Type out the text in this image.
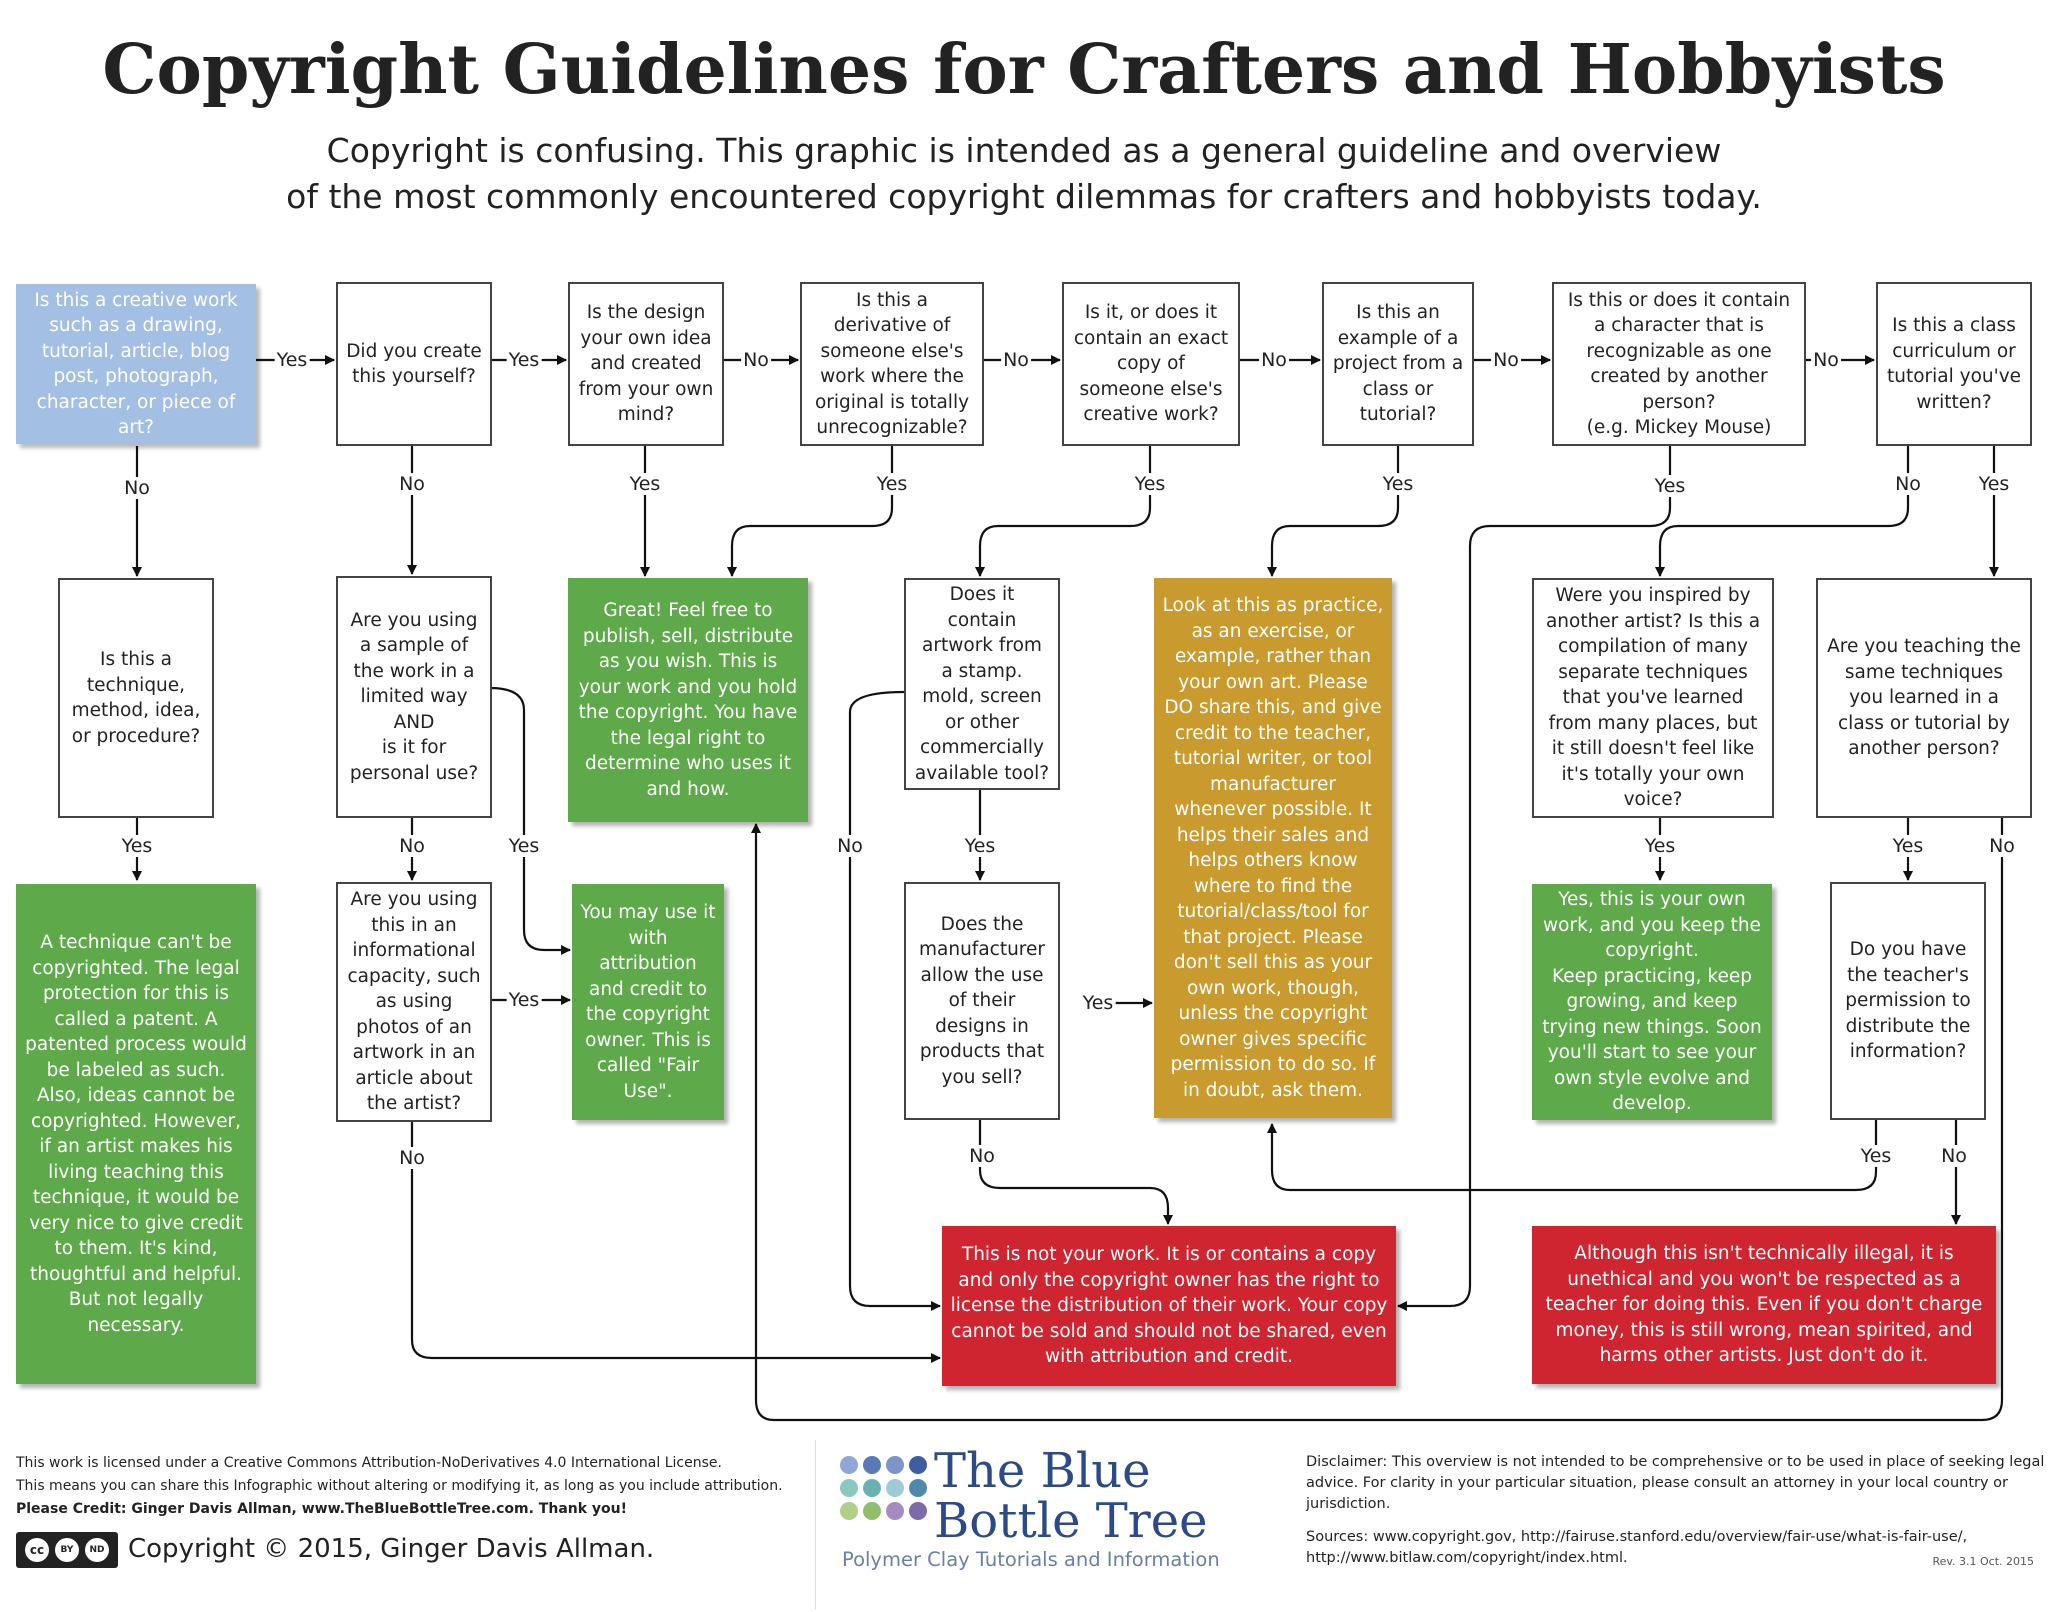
Copyright Guidelines for Crafters and Hobbyists
Copyright is confusing. This graphic is intended as a general guideline and overview
of the most commonly encountered copyright dilemmas for crafters and hobbyists today.
Is this a creative work such as a drawing, tutorial, article, blog post, photograph, character, or piece of art?
Did you create this yourself?
Is the design your own idea and created from your own mind?
Is this a derivative of someone else's work where the original is totally unrecognizable?
Is it, or does it contain an exact copy of someone else's creative work?
Is this an example of a project from a class or tutorial?
Is this or does it contain a character that is recognizable as one created by another person?
(e.g. Mickey Mouse)
Is this a class curriculum or tutorial you've written?
Is this a technique, method, idea, or procedure?
Are you using a sample of the work in a limited way
AND
is it for personal use?
Great! Feel free to publish, sell, distribute as you wish. This is your work and you hold the copyright. You have the legal right to determine who uses it and how.
Does it contain artwork from a stamp. mold, screen or other commercially available tool?
Look at this as practice, as an exercise, or example, rather than your own art. Please DO share this, and give credit to the teacher, tutorial writer, or tool manufacturer whenever possible. It helps their sales and helps others know where to find the tutorial/class/tool for that project. Please don't sell this as your own work, though, unless the copyright owner gives specific permission to do so. If in doubt, ask them.
Were you inspired by another artist? Is this a compilation of many separate techniques that you've learned from many places, but it still doesn't feel like it's totally your own voice?
Are you teaching the same techniques you learned in a class or tutorial by another person?
A technique can't be copyrighted. The legal protection for this is called a patent. A patented process would be labeled as such. Also, ideas cannot be copyrighted. However, if an artist makes his living teaching this technique, it would be very nice to give credit to them. It's kind, thoughtful and helpful. But not legally necessary.
Are you using this in an informational capacity, such as using photos of an artwork in an article about the artist?
You may use it with attribution and credit to the copyright owner. This is called "Fair Use".
Does the manufacturer allow the use of their designs in products that you sell?
Yes, this is your own work, and you keep the copyright.
Keep practicing, keep growing, and keep trying new things. Soon you'll start to see your own style evolve and develop.
Do you have the teacher's permission to distribute the information?
This is not your work. It is or contains a copy and only the copyright owner has the right to license the distribution of their work. Your copy cannot be sold and should not be shared, even with attribution and credit.
Although this isn't technically illegal, it is unethical and you won't be respected as a teacher for doing this. Even if you don't charge money, this is still wrong, mean spirited, and harms other artists. Just don't do it.
Yes	Yes	No	No	No	No	No
No	No	Yes	Yes	Yes	Yes	Yes	No	Yes
Yes	No	Yes	No	Yes	Yes	Yes	No
Yes	Yes
No	No	Yes	No
This work is licensed under a Creative Commons Attribution-NoDerivatives 4.0 International License.
This means you can share this Infographic without altering or modifying it, as long as you include attribution.
Please Credit: Ginger Davis Allman, www.TheBlueBottleTree.com. Thank you!
cc	BY	ND Copyright © 2015, Ginger Davis Allman.
The Blue
Bottle Tree
Polymer Clay Tutorials and Information

Disclaimer: This overview is not intended to be comprehensive or to be used in place of seeking legal advice. For clarity in your particular situation, please consult an attorney in your local country or jurisdiction.

Sources: www.copyright.gov, http://fairuse.stanford.edu/overview/fair-use/what-is-fair-use/, http://www.bitlaw.com/copyright/index.html.	Rev. 3.1 Oct. 2015
